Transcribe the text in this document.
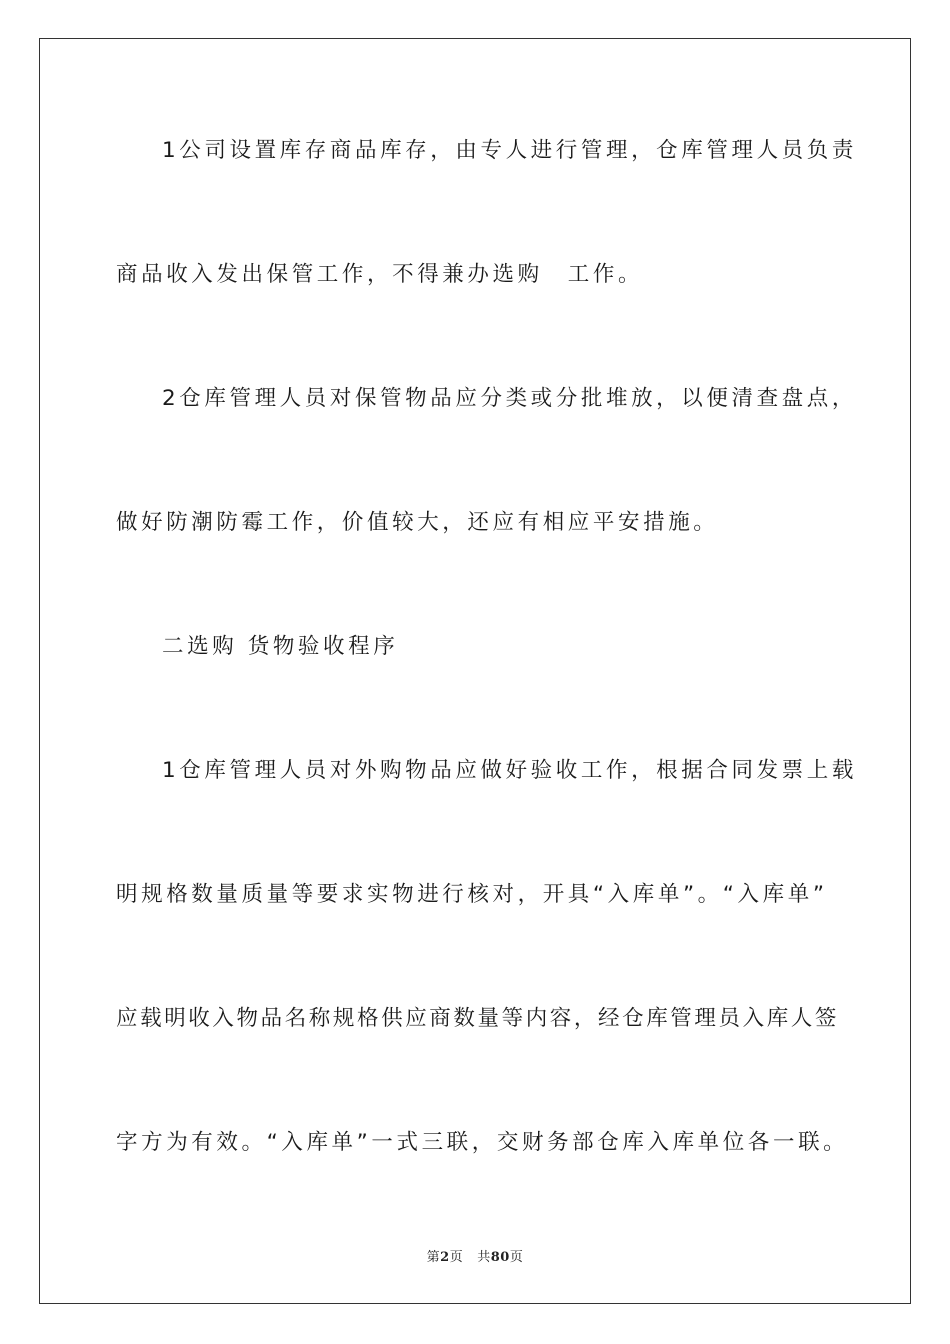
1公司设置库存商品库存，由专人进行管理，仓库管理人员负责
商品收入发出保管工作，不得兼办选购　工作。
2仓库管理人员对保管物品应分类或分批堆放，以便清查盘点，
做好防潮防霉工作，价值较大，还应有相应平安措施。
二选购 货物验收程序
1仓库管理人员对外购物品应做好验收工作，根据合同发票上载
明规格数量质量等要求实物进行核对，开具“入库单”。“入库单”
应载明收入物品名称规格供应商数量等内容，经仓库管理员入库人签
字方为有效。“入库单”一式三联，交财务部仓库入库单位各一联。
第2页 共80页
